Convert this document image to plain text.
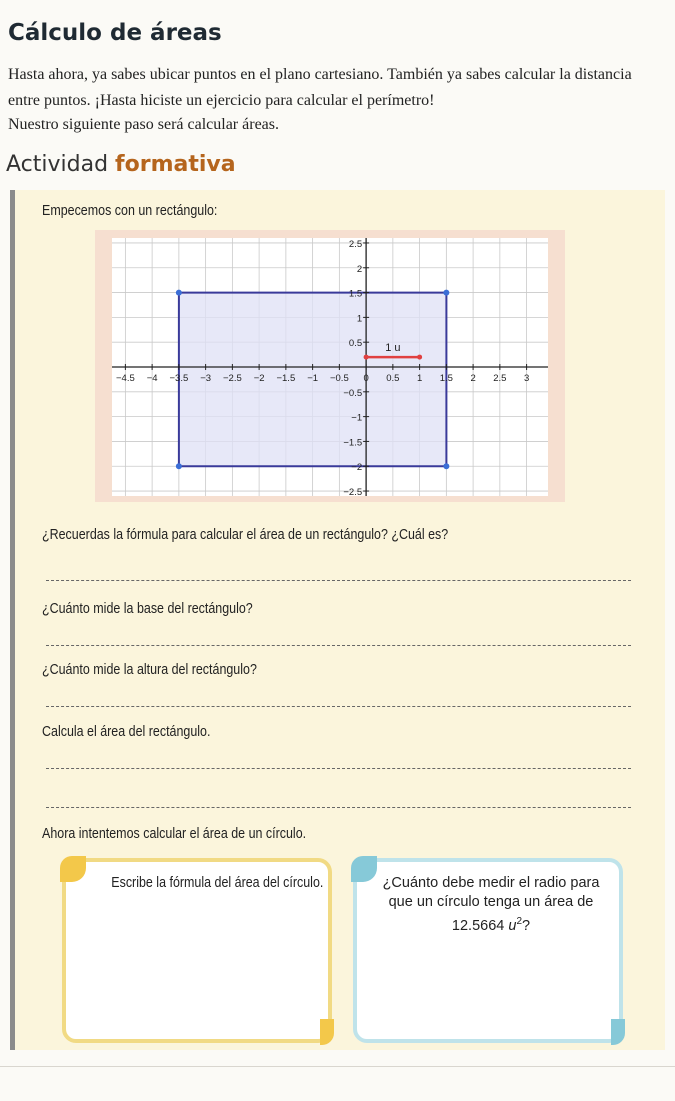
Cálculo de áreas

Hasta ahora, ya sabes ubicar puntos en el plano cartesiano. También ya sabes calcular la distancia entre puntos. ¡Hasta hiciste un ejercicio para calcular el perímetro!

Nuestro siguiente paso será calcular áreas.

Actividad formativa
Empecemos con un rectángulo:
−4.5 −4 −3.5 −3 −2.5 −2 −1.5 −1 −0.5 0 0.5 1 1.5 2 2.5 3
2.5
2
1.5
1
0.5
−0.5
−1
−1.5
−2
−2.5
1 u
¿Recuerdas la fórmula para calcular el área de un rectángulo? ¿Cuál es?
¿Cuánto mide la base del rectángulo?
¿Cuánto mide la altura del rectángulo?
Calcula el área del rectángulo.
Ahora intentemos calcular el área de un círculo.
Escribe la fórmula del área del círculo.	¿Cuánto debe medir el radio para que un círculo tenga un área de 12.5664 $u^2$?
